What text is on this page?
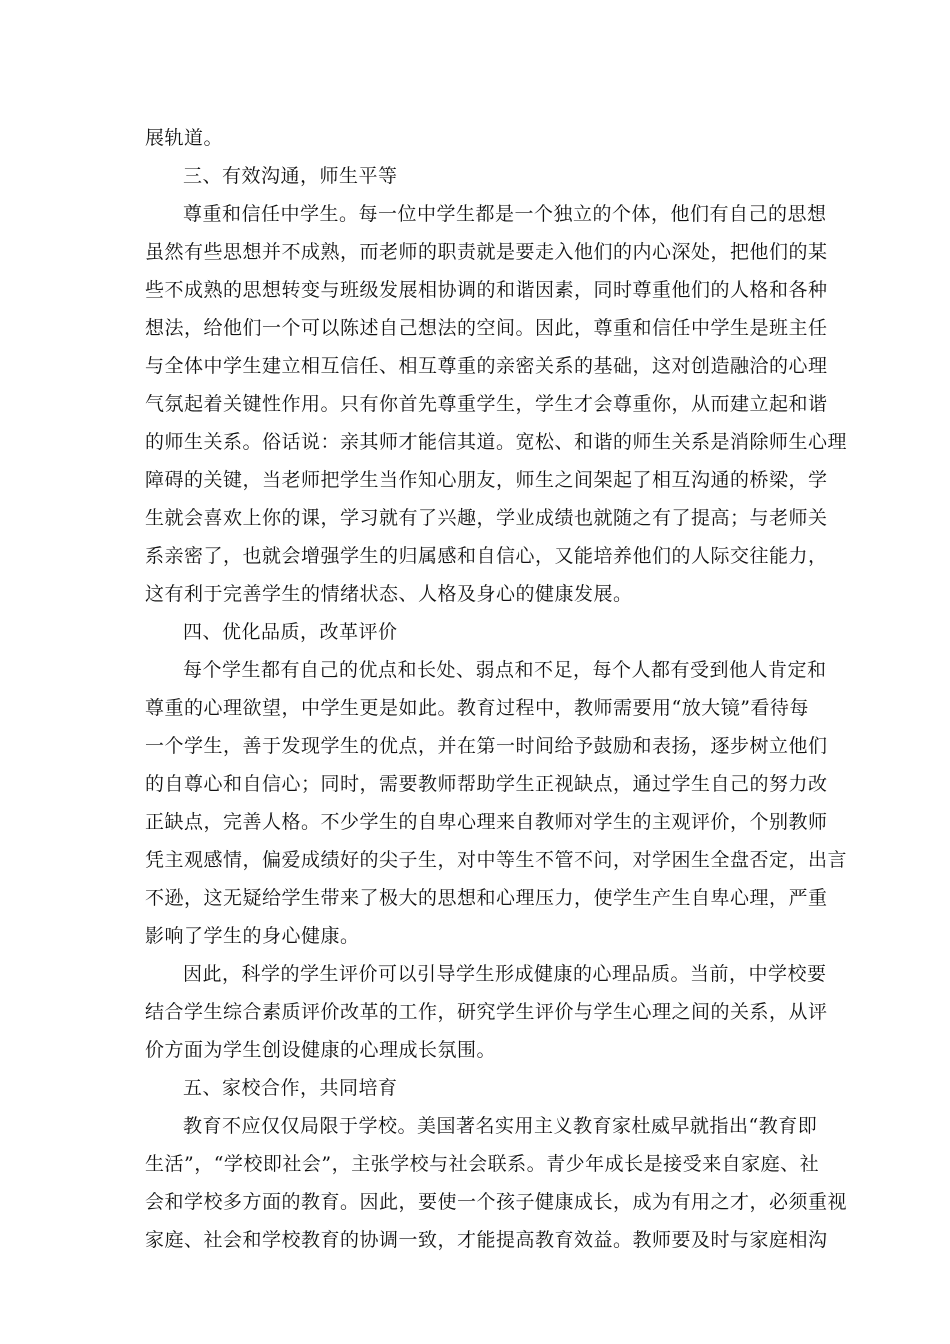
展轨道。
三、有效沟通，师生平等
尊重和信任中学生。每一位中学生都是一个独立的个体，他们有自己的思想
虽然有些思想并不成熟，而老师的职责就是要走入他们的内心深处，把他们的某
些不成熟的思想转变与班级发展相协调的和谐因素，同时尊重他们的人格和各种
想法，给他们一个可以陈述自己想法的空间。因此，尊重和信任中学生是班主任
与全体中学生建立相互信任、相互尊重的亲密关系的基础，这对创造融洽的心理
气氛起着关键性作用。只有你首先尊重学生，学生才会尊重你，从而建立起和谐
的师生关系。俗话说：亲其师才能信其道。宽松、和谐的师生关系是消除师生心理
障碍的关键，当老师把学生当作知心朋友，师生之间架起了相互沟通的桥梁，学
生就会喜欢上你的课，学习就有了兴趣，学业成绩也就随之有了提高；与老师关
系亲密了，也就会增强学生的归属感和自信心，又能培养他们的人际交往能力，
这有利于完善学生的情绪状态、人格及身心的健康发展。
四、优化品质，改革评价
每个学生都有自己的优点和长处、弱点和不足，每个人都有受到他人肯定和
尊重的心理欲望，中学生更是如此。教育过程中，教师需要用“放大镜”看待每
一个学生，善于发现学生的优点，并在第一时间给予鼓励和表扬，逐步树立他们
的自尊心和自信心；同时，需要教师帮助学生正视缺点，通过学生自己的努力改
正缺点，完善人格。不少学生的自卑心理来自教师对学生的主观评价，个别教师
凭主观感情，偏爱成绩好的尖子生，对中等生不管不问，对学困生全盘否定，出言
不逊，这无疑给学生带来了极大的思想和心理压力，使学生产生自卑心理，严重
影响了学生的身心健康。
因此，科学的学生评价可以引导学生形成健康的心理品质。当前，中学校要
结合学生综合素质评价改革的工作，研究学生评价与学生心理之间的关系，从评
价方面为学生创设健康的心理成长氛围。
五、家校合作，共同培育
教育不应仅仅局限于学校。美国著名实用主义教育家杜威早就指出“教育即
生活”，“学校即社会”，主张学校与社会联系。青少年成长是接受来自家庭、社
会和学校多方面的教育。因此，要使一个孩子健康成长，成为有用之才，必须重视
家庭、社会和学校教育的协调一致，才能提高教育效益。教师要及时与家庭相沟
